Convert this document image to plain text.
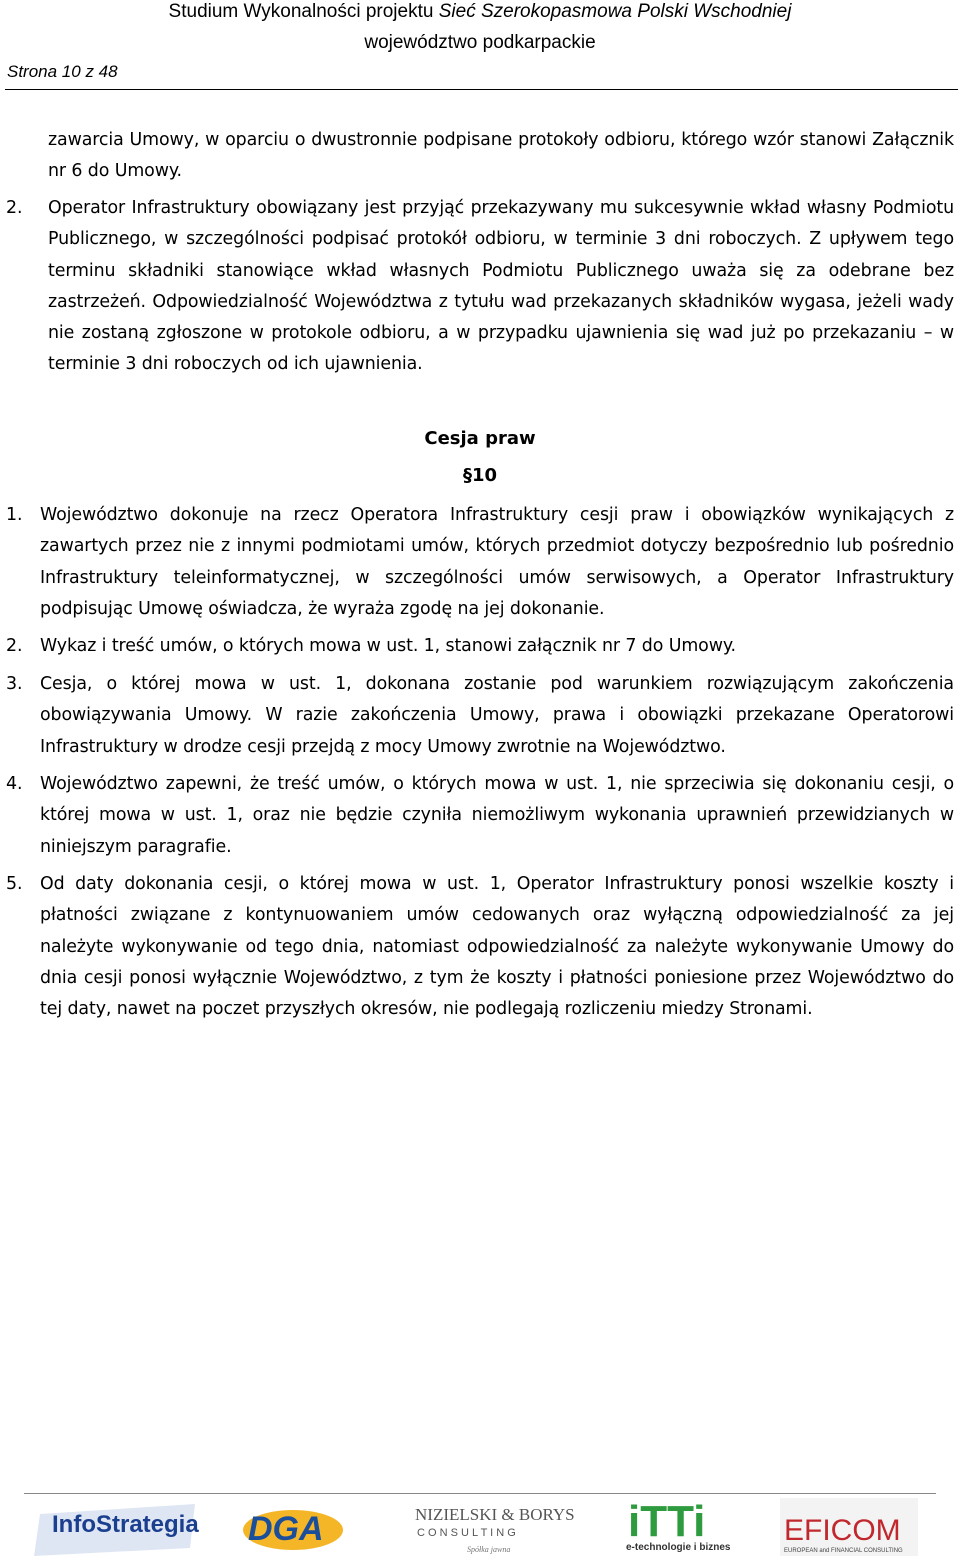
Studium Wykonalności projektu Sieć Szerokopasmowa Polski Wschodniej
województwo podkarpackie
Strona 10 z 48
zawarcia Umowy, w oparciu o dwustronnie podpisane protokoły odbioru, którego wzór stanowi Załącznik nr 6 do Umowy.
2.	Operator Infrastruktury obowiązany jest przyjąć przekazywany mu sukcesywnie wkład własny Podmiotu Publicznego, w szczególności podpisać protokół odbioru, w terminie 3 dni roboczych. Z upływem tego terminu składniki stanowiące wkład własnych Podmiotu Publicznego uważa się za odebrane bez zastrzeżeń. Odpowiedzialność Województwa z tytułu wad przekazanych składników wygasa, jeżeli wady nie zostaną zgłoszone w protokole odbioru, a w przypadku ujawnienia się wad już po przekazaniu – w terminie 3 dni roboczych od ich ujawnienia.
Cesja praw
§10
1.	Województwo dokonuje na rzecz Operatora Infrastruktury cesji praw i obowiązków wynikających z zawartych przez nie z innymi podmiotami umów, których przedmiot dotyczy bezpośrednio lub pośrednio Infrastruktury teleinformatycznej, w szczególności umów serwisowych, a Operator Infrastruktury podpisując Umowę oświadcza, że wyraża zgodę na jej dokonanie.
2.	Wykaz i treść umów, o których mowa w ust. 1, stanowi załącznik nr 7 do Umowy.
3.	Cesja, o której mowa w ust. 1, dokonana zostanie pod warunkiem rozwiązującym zakończenia obowiązywania Umowy. W razie zakończenia Umowy, prawa i obowiązki przekazane Operatorowi Infrastruktury w drodze cesji przejdą z mocy Umowy zwrotnie na Województwo.
4.	Województwo zapewni, że treść umów, o których mowa w ust. 1, nie sprzeciwia się dokonaniu cesji, o której mowa w ust. 1, oraz nie będzie czyniła niemożliwym wykonania uprawnień przewidzianych w niniejszym paragrafie.
5.	Od daty dokonania cesji, o której mowa w ust. 1, Operator Infrastruktury ponosi wszelkie koszty i płatności związane z kontynuowaniem umów cedowanych oraz wyłączną odpowiedzialność za jej należyte wykonywanie od tego dnia, natomiast odpowiedzialność za należyte wykonywanie Umowy do dnia cesji ponosi wyłącznie Województwo, z tym że koszty i płatności poniesione przez Województwo do tej daty, nawet na poczet przyszłych okresów, nie podlegają rozliczeniu miedzy Stronami.
InfoStrategia DGA	NIZIELSKI & BORYS
C O N S U L T I N G
Spółka jawna
iTTi
e-technologie i biznes
EFICOM
EUROPEAN and FINANCIAL CONSULTING
